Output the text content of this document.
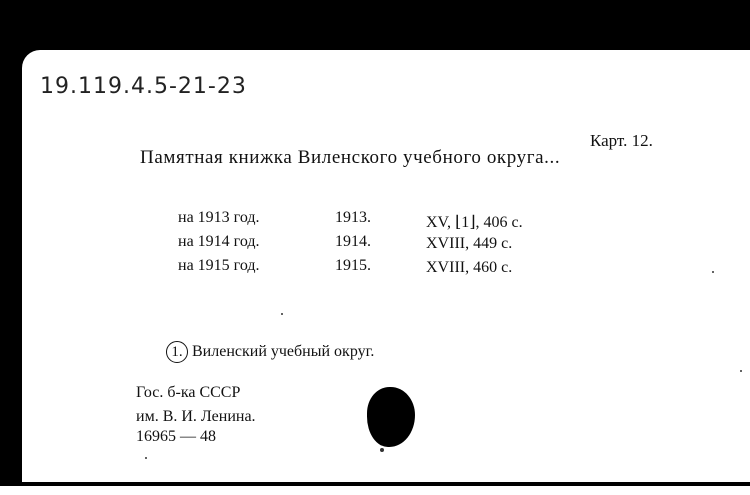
19.119.4.5-21-23
Карт. 12.
Памятная книжка Виленского учебного округа...
на 1913 год.	1913.	XV, ⌊1⌋, 406 с.
на 1914 год.	1914.	XVIII, 449 с.
на 1915 год.	1915.	XVIII, 460 с.
1. Виленский учебный округ.
Гос. б-ка СССР
им. В. И. Ленина.
16965 — 48
